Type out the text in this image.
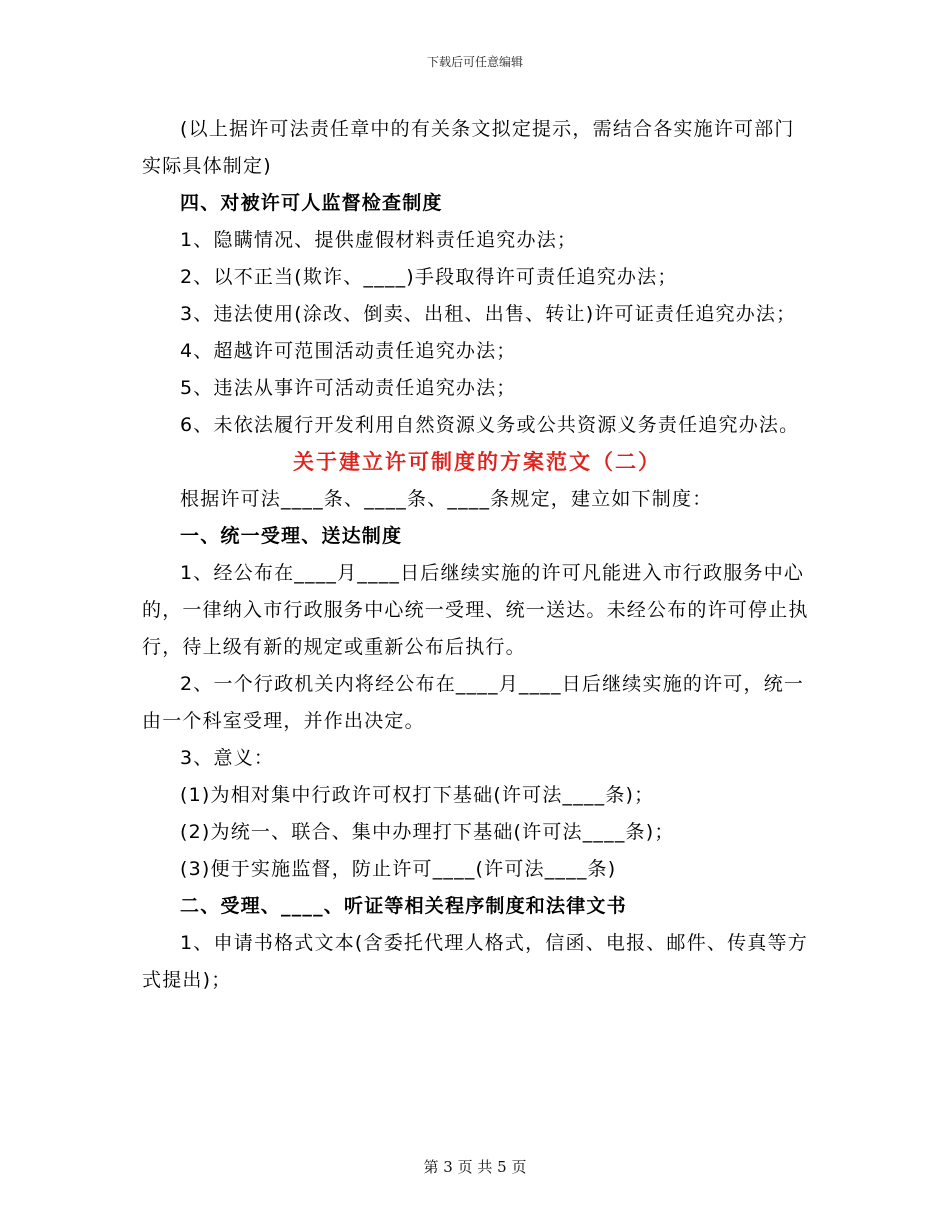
下载后可任意编辑

(以上据许可法责任章中的有关条文拟定提示，需结合各实施许可部门实际具体制定)

四、对被许可人监督检查制度

1、隐瞒情况、提供虚假材料责任追究办法；

2、以不正当(欺诈、____)手段取得许可责任追究办法；

3、违法使用(涂改、倒卖、出租、出售、转让)许可证责任追究办法；

4、超越许可范围活动责任追究办法；

5、违法从事许可活动责任追究办法；

6、未依法履行开发利用自然资源义务或公共资源义务责任追究办法。

关于建立许可制度的方案范文（二）

根据许可法____条、____条、____条规定，建立如下制度：

一、统一受理、送达制度

1、经公布在____月____日后继续实施的许可凡能进入市行政服务中心的，一律纳入市行政服务中心统一受理、统一送达。未经公布的许可停止执行，待上级有新的规定或重新公布后执行。

2、一个行政机关内将经公布在____月____日后继续实施的许可，统一由一个科室受理，并作出决定。

3、意义：

(1)为相对集中行政许可权打下基础(许可法____条)；

(2)为统一、联合、集中办理打下基础(许可法____条)；

(3)便于实施监督，防止许可____(许可法____条)

二、受理、____、听证等相关程序制度和法律文书

1、申请书格式文本(含委托代理人格式，信函、电报、邮件、传真等方式提出)；

第 3 页 共 5 页
